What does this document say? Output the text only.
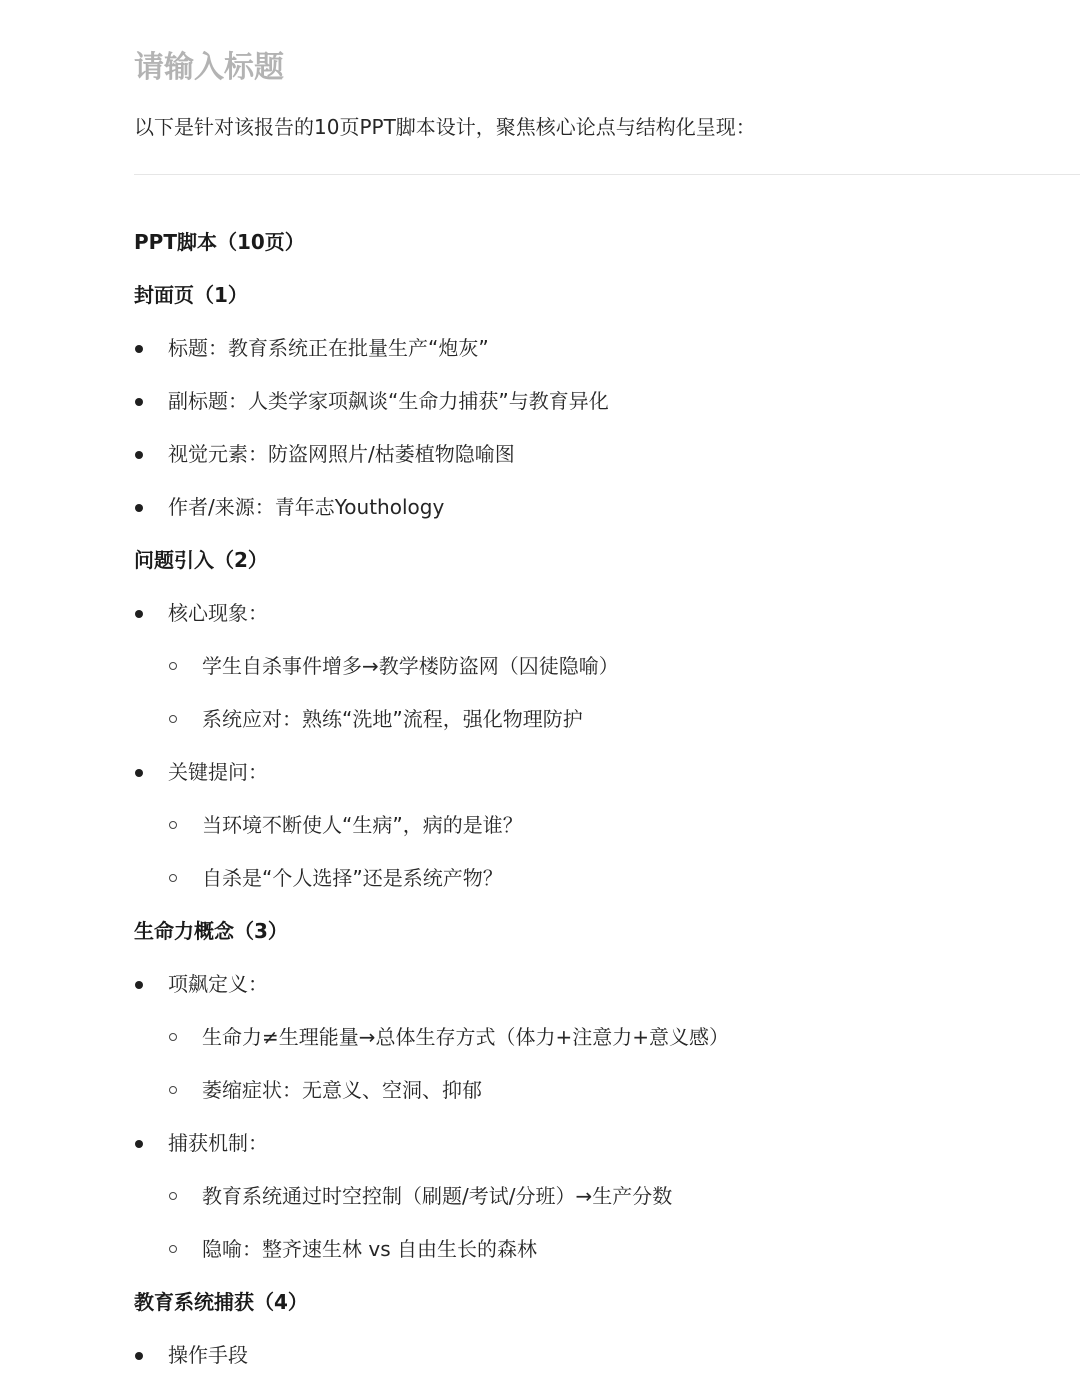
请输入标题
以下是针对该报告的10页PPT脚本设计，聚焦核心论点与结构化呈现：
PPT脚本（10页）
封面页（1）
标题：教育系统正在批量生产“炮灰”
副标题：人类学家项飙谈“生命力捕获”与教育异化
视觉元素：防盗网照片/枯萎植物隐喻图
作者/来源：青年志Youthology
问题引入（2）
核心现象：
学生自杀事件增多→教学楼防盗网（囚徒隐喻）
系统应对：熟练“洗地”流程，强化物理防护
关键提问：
当环境不断使人“生病”，病的是谁？
自杀是“个人选择”还是系统产物？
生命力概念（3）
项飙定义：
生命力≠生理能量→总体生存方式（体力+注意力+意义感）
萎缩症状：无意义、空洞、抑郁
捕获机制：
教育系统通过时空控制（刷题/考试/分班）→生产分数
隐喻：整齐速生林 vs 自由生长的森林
教育系统捕获（4）
操作手段
